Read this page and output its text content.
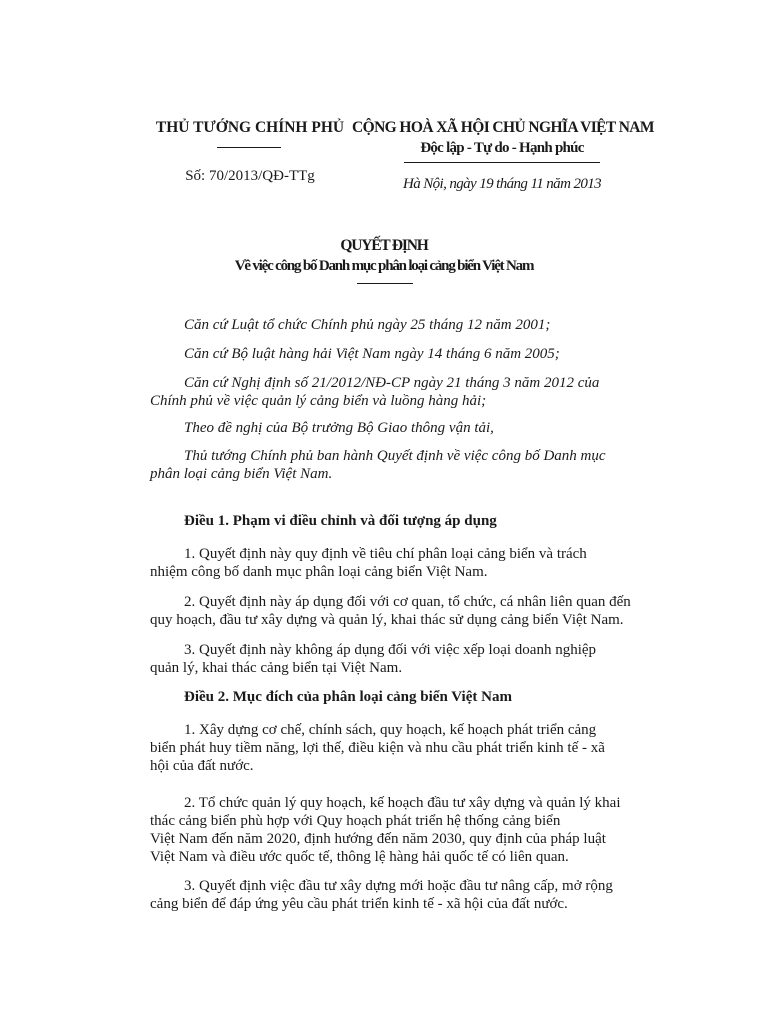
THỦ TƯỚNG CHÍNH PHỦ
Số: 70/2013/QĐ-TTg
CỘNG HOÀ XÃ HỘI CHỦ NGHĨA VIỆT NAM
Độc lập - Tự do - Hạnh phúc
Hà Nội, ngày 19 tháng 11 năm 2013
QUYẾT ĐỊNH
Về việc công bố Danh mục phân loại cảng biển Việt Nam
Căn cứ Luật tổ chức Chính phủ ngày 25 tháng 12 năm 2001;
Căn cứ Bộ luật hàng hải Việt Nam ngày 14 tháng 6 năm 2005;
Căn cứ Nghị định số 21/2012/NĐ-CP ngày 21 tháng 3 năm 2012 của
Chính phủ về việc quản lý cảng biển và luồng hàng hải;
Theo đề nghị của Bộ trưởng Bộ Giao thông vận tải,
Thủ tướng Chính phủ ban hành Quyết định về việc công bố Danh mục
phân loại cảng biển Việt Nam.
Điều 1. Phạm vi điều chỉnh và đối tượng áp dụng
1. Quyết định này quy định về tiêu chí phân loại cảng biển và trách
nhiệm công bố danh mục phân loại cảng biển Việt Nam.
2. Quyết định này áp dụng đối với cơ quan, tổ chức, cá nhân liên quan đến
quy hoạch, đầu tư xây dựng và quản lý, khai thác sử dụng cảng biển Việt Nam.
3. Quyết định này không áp dụng đối với việc xếp loại doanh nghiệp
quản lý, khai thác cảng biển tại Việt Nam.
Điều 2. Mục đích của phân loại cảng biển Việt Nam
1. Xây dựng cơ chế, chính sách, quy hoạch, kế hoạch phát triển cảng
biển phát huy tiềm năng, lợi thế, điều kiện và nhu cầu phát triển kinh tế - xã
hội của đất nước.
2. Tổ chức quản lý quy hoạch, kế hoạch đầu tư xây dựng và quản lý khai
thác cảng biển phù hợp với Quy hoạch phát triển hệ thống cảng biển
Việt Nam đến năm 2020, định hướng đến năm 2030, quy định của pháp luật
Việt Nam và điều ước quốc tế, thông lệ hàng hải quốc tế có liên quan.
3. Quyết định việc đầu tư xây dựng mới hoặc đầu tư nâng cấp, mở rộng
cảng biển để đáp ứng yêu cầu phát triển kinh tế - xã hội của đất nước.
